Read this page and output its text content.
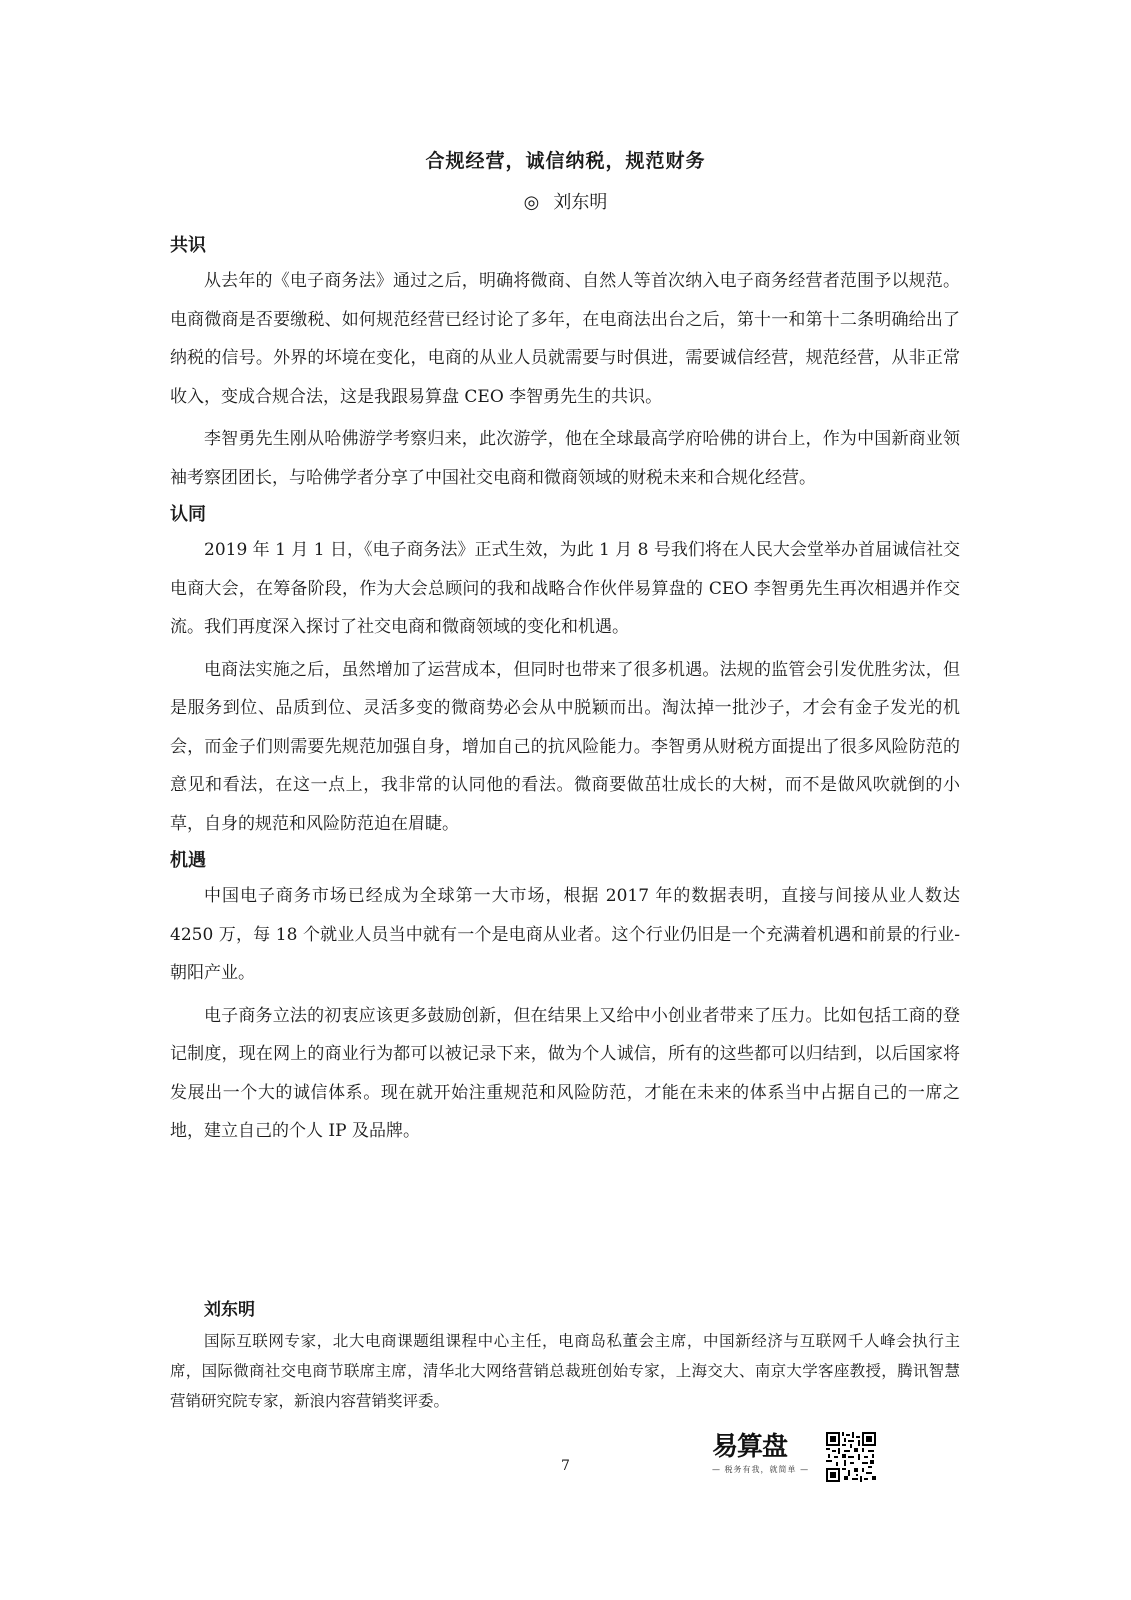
合规经营，诚信纳税，规范财务
◎ 刘东明
共识

从去年的《电子商务法》通过之后，明确将微商、自然人等首次纳入电子商务经营者范围予以规范。电商微商是否要缴税、如何规范经营已经讨论了多年，在电商法出台之后，第十一和第十二条明确给出了纳税的信号。外界的坏境在变化，电商的从业人员就需要与时俱进，需要诚信经营，规范经营，从非正常收入，变成合规合法，这是我跟易算盘 CEO 李智勇先生的共识。

李智勇先生刚从哈佛游学考察归来，此次游学，他在全球最高学府哈佛的讲台上，作为中国新商业领袖考察团团长，与哈佛学者分享了中国社交电商和微商领域的财税未来和合规化经营。

认同

2019 年 1 月 1 日，《电子商务法》正式生效，为此 1 月 8 号我们将在人民大会堂举办首届诚信社交电商大会，在筹备阶段，作为大会总顾问的我和战略合作伙伴易算盘的 CEO 李智勇先生再次相遇并作交流。我们再度深入探讨了社交电商和微商领域的变化和机遇。

电商法实施之后，虽然增加了运营成本，但同时也带来了很多机遇。法规的监管会引发优胜劣汰，但是服务到位、品质到位、灵活多变的微商势必会从中脱颖而出。淘汰掉一批沙子，才会有金子发光的机会，而金子们则需要先规范加强自身，增加自己的抗风险能力。李智勇从财税方面提出了很多风险防范的意见和看法，在这一点上，我非常的认同他的看法。微商要做茁壮成长的大树，而不是做风吹就倒的小草，自身的规范和风险防范迫在眉睫。

机遇

中国电子商务市场已经成为全球第一大市场，根据 2017 年的数据表明，直接与间接从业人数达 4250 万，每 18 个就业人员当中就有一个是电商从业者。这个行业仍旧是一个充满着机遇和前景的行业-朝阳产业。

电子商务立法的初衷应该更多鼓励创新，但在结果上又给中小创业者带来了压力。比如包括工商的登记制度，现在网上的商业行为都可以被记录下来，做为个人诚信，所有的这些都可以归结到，以后国家将发展出一个大的诚信体系。现在就开始注重规范和风险防范，才能在未来的体系当中占据自己的一席之地，建立自己的个人 IP 及品牌。

刘东明

国际互联网专家，北大电商课题组课程中心主任，电商岛私董会主席，中国新经济与互联网千人峰会执行主席，国际微商社交电商节联席主席，清华北大网络营销总裁班创始专家，上海交大、南京大学客座教授，腾讯智慧营销研究院专家，新浪内容营销奖评委。

7
易算盘
— 税务有我，就简单 —
